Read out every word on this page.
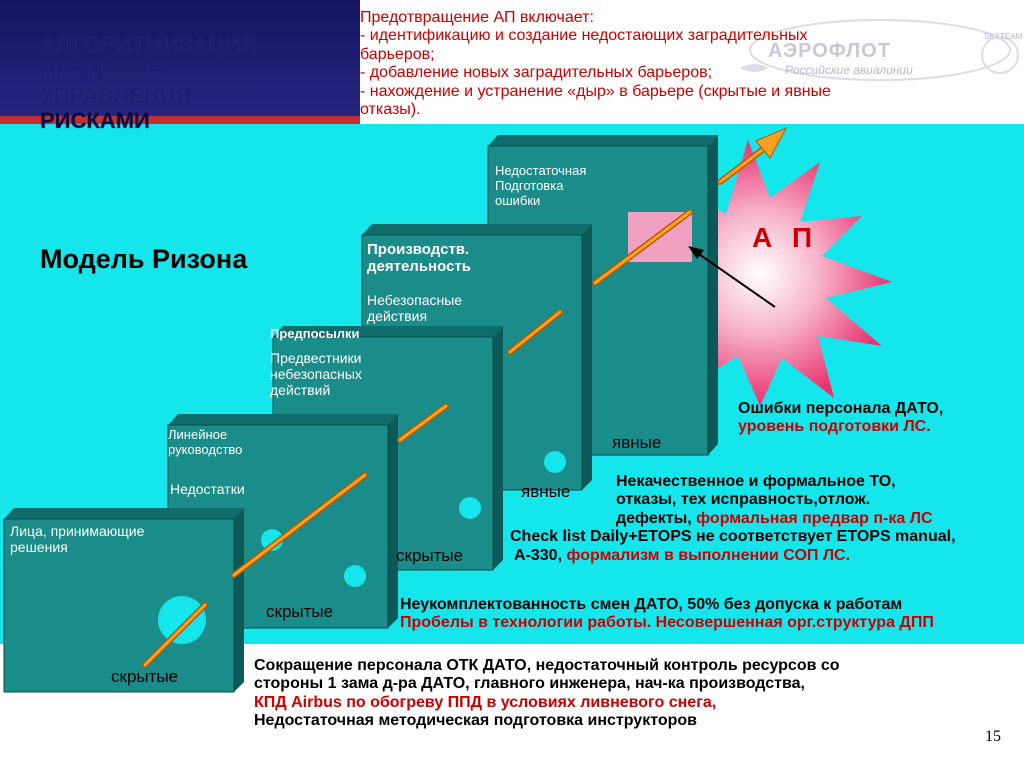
АЛГОРИТМИЗАЦИЯ
ПРОЦЕДУР
УПРАВЛЕНИЯ
РИСКАМИ
АЭРОФЛОТ
Российские авиалинии
SKYTEAM
Предотвращение АП включает:
- идентификацию и создание недостающих заградительных
барьеров;
- добавление новых заградительных барьеров;
- нахождение и устранение «дыр» в барьере (скрытые и явные
отказы).
Модель Ризона
А П
Лица, принимающие
решения
скрытые
Линейное
руководство
Недостатки
скрытые
Предпосылки
Предвестники
небезопасных
действий
скрытые
Производств.
деятельность
Небезопасные
действия
явные
Недостаточная
Подготовка
ошибки
явные
Ошибки персонала ДАТО,
уровень подготовки ЛС.
Некачественное и формальное ТО,
отказы, тех исправность,отлож.
дефекты, формальная предвар п-ка ЛС
Check list Daily+ETOPS не соответствует ETOPS manual,
А-330, формализм в выполнении СОП ЛС.
Неукомплектованность смен ДАТО, 50% без допуска к работам
Пробелы в технологии работы. Несовершенная орг.структура ДПП
Сокращение персонала ОТК ДАТО, недостаточный контроль ресурсов со
стороны 1 зама д-ра ДАТО, главного инженера, нач-ка производства,
КПД Airbus по обогреву ППД в условиях ливневого снега,
Недостаточная методическая подготовка инструкторов
15
